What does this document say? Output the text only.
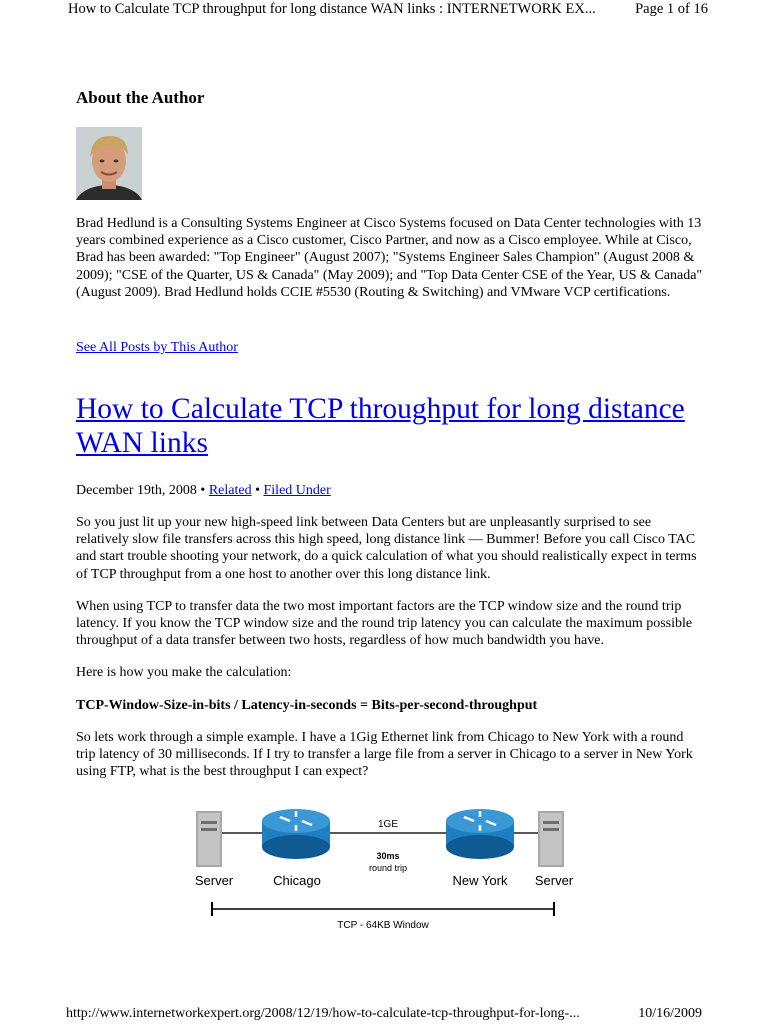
How to Calculate TCP throughput for long distance WAN links : INTERNETWORK EX...	Page 1 of 16
About the Author

Brad Hedlund is a Consulting Systems Engineer at Cisco Systems focused on Data Center technologies with 13 years combined experience as a Cisco customer, Cisco Partner, and now as a Cisco employee. While at Cisco, Brad has been awarded: "Top Engineer" (August 2007); "Systems Engineer Sales Champion" (August 2008 & 2009); "CSE of the Quarter, US & Canada" (May 2009); and "Top Data Center CSE of the Year, US & Canada" (August 2009). Brad Hedlund holds CCIE #5530 (Routing & Switching) and VMware VCP certifications.

See All Posts by This Author
How to Calculate TCP throughput for long distance WAN links
December 19th, 2008 • Related • Filed Under

So you just lit up your new high-speed link between Data Centers but are unpleasantly surprised to see relatively slow file transfers across this high speed, long distance link — Bummer! Before you call Cisco TAC and start trouble shooting your network, do a quick calculation of what you should realistically expect in terms of TCP throughput from a one host to another over this long distance link.

When using TCP to transfer data the two most important factors are the TCP window size and the round trip latency. If you know the TCP window size and the round trip latency you can calculate the maximum possible throughput of a data transfer between two hosts, regardless of how much bandwidth you have.

Here is how you make the calculation:

TCP-Window-Size-in-bits / Latency-in-seconds = Bits-per-second-throughput

So lets work through a simple example. I have a 1Gig Ethernet link from Chicago to New York with a round trip latency of 30 milliseconds. If I try to transfer a large file from a server in Chicago to a server in New York using FTP, what is the best throughput I can expect?

1GE
30ms
round trip
Server	Chicago	New York Server
TCP - 64KB Window
http://www.internetworkexpert.org/2008/12/19/how-to-calculate-tcp-throughput-for-long-...	10/16/2009
